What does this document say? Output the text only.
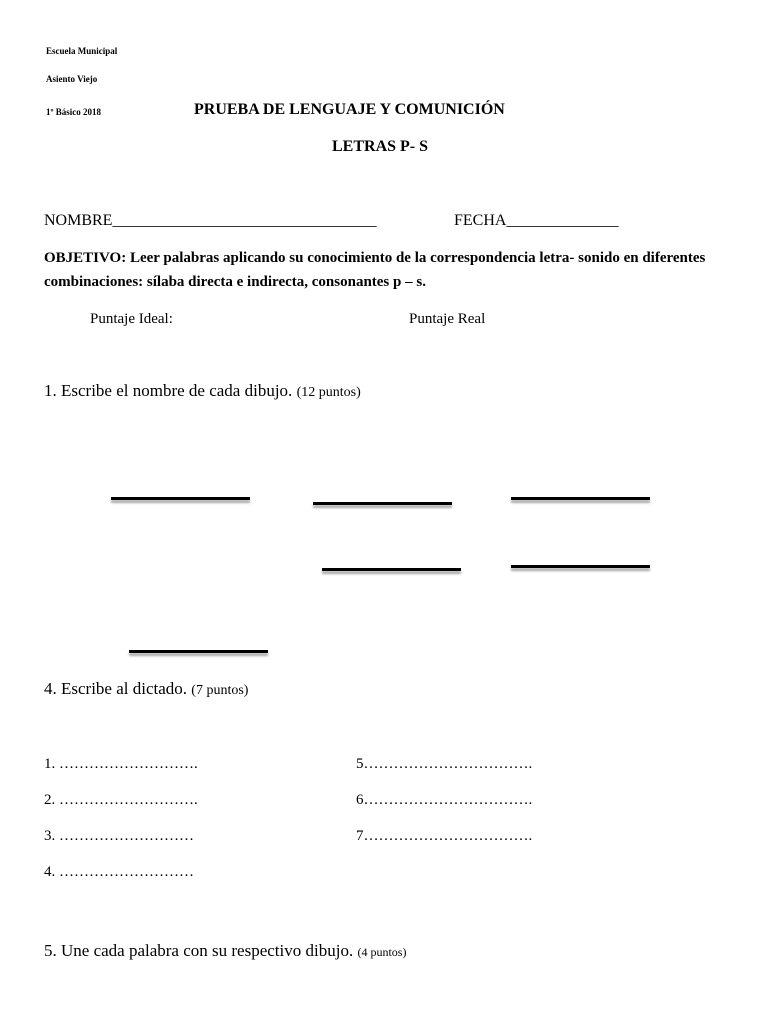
Escuela Municipal
Asiento Viejo
1º Básico 2018	PRUEBA DE LENGUAJE Y COMUNICIÓN
LETRAS P- S
NOMBRE_________________________________	FECHA______________
OBJETIVO: Leer palabras aplicando su conocimiento de la correspondencia letra- sonido en diferentes combinaciones: sílaba directa e indirecta, consonantes p – s.
Puntaje Ideal:	Puntaje Real
1. Escribe el nombre de cada dibujo. (12 puntos)
4. Escribe al dictado. (7 puntos)
1. ……………………….
2. ……………………….
3. ………………………
4. ………………………
5…………………………….
6…………………………….
7…………………………….
5. Une cada palabra con su respectivo dibujo. (4 puntos)
